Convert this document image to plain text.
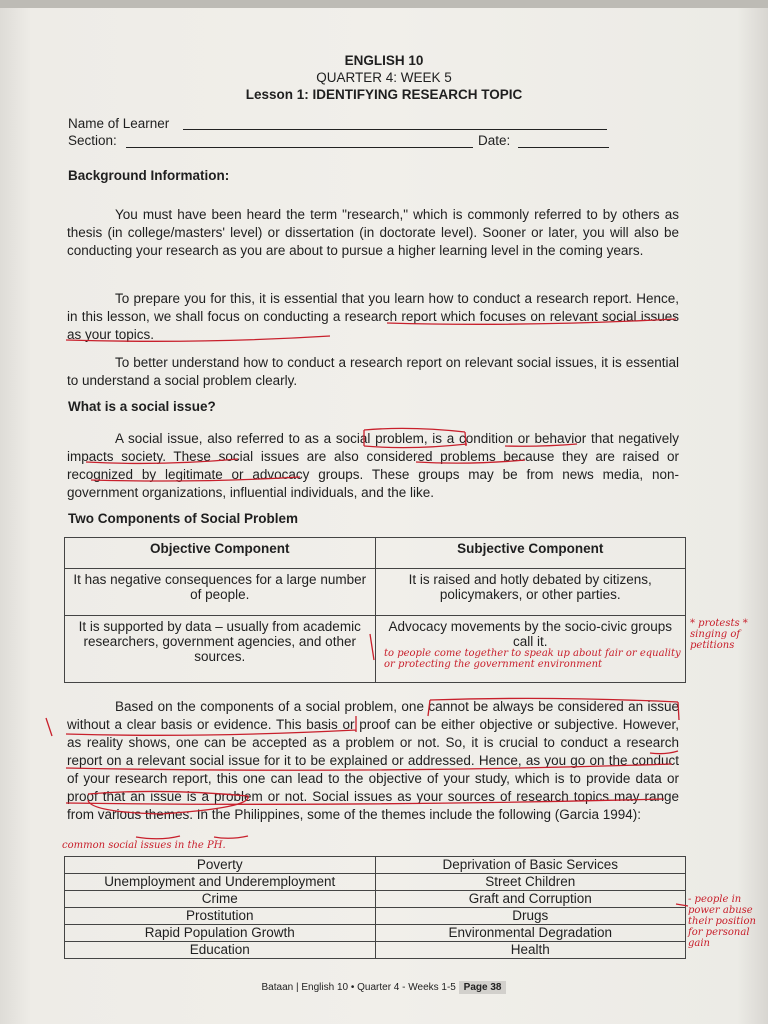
ENGLISH 10
QUARTER 4: WEEK 5
Lesson 1: IDENTIFYING RESEARCH TOPIC
Name of Learner
Section:	Date:
Background Information:

You must have been heard the term "research," which is commonly referred to by others as thesis (in college/masters' level) or dissertation (in doctorate level). Sooner or later, you will also be conducting your research as you are about to pursue a higher learning level in the coming years.

To prepare you for this, it is essential that you learn how to conduct a research report. Hence, in this lesson, we shall focus on conducting a research report which focuses on relevant social issues as your topics.

To better understand how to conduct a research report on relevant social issues, it is essential to understand a social problem clearly.

What is a social issue?

A social issue, also referred to as a social problem, is a condition or behavior that negatively impacts society. These social issues are also considered problems because they are raised or recognized by legitimate or advocacy groups. These groups may be from news media, non-government organizations, influential individuals, and the like.

Two Components of Social Problem
Objective Component	Subjective Component
It has negative consequences for a large number of people.	It is raised and hotly debated by citizens, policymakers, or other parties.
It is supported by data – usually from academic researchers, government agencies, and other sources.	Advocacy movements by the socio-civic groups call it.

Based on the components of a social problem, one cannot be always be considered an issue without a clear basis or evidence. This basis or proof can be either objective or subjective. However, as reality shows, one can be accepted as a problem or not. So, it is crucial to conduct a research report on a relevant social issue for it to be explained or addressed. Hence, as you go on the conduct of your research report, this one can lead to the objective of your study, which is to provide data or proof that an issue is a problem or not. Social issues as your sources of research topics may range from various themes. In the Philippines, some of the themes include the following (Garcia 1994):

Poverty	Deprivation of Basic Services
Unemployment and Underemployment	Street Children
Crime	Graft and Corruption
Prostitution	Drugs
Rapid Population Growth	Environmental Degradation
Education	Health
* protests * singing of petitions
to people come together to speak up about fair or equality or protecting the government environment
common social issues in the PH.
- people in power abuse their position for personal gain
Bataan | English 10 • Quarter 4 - Weeks 1-5 Page 38
